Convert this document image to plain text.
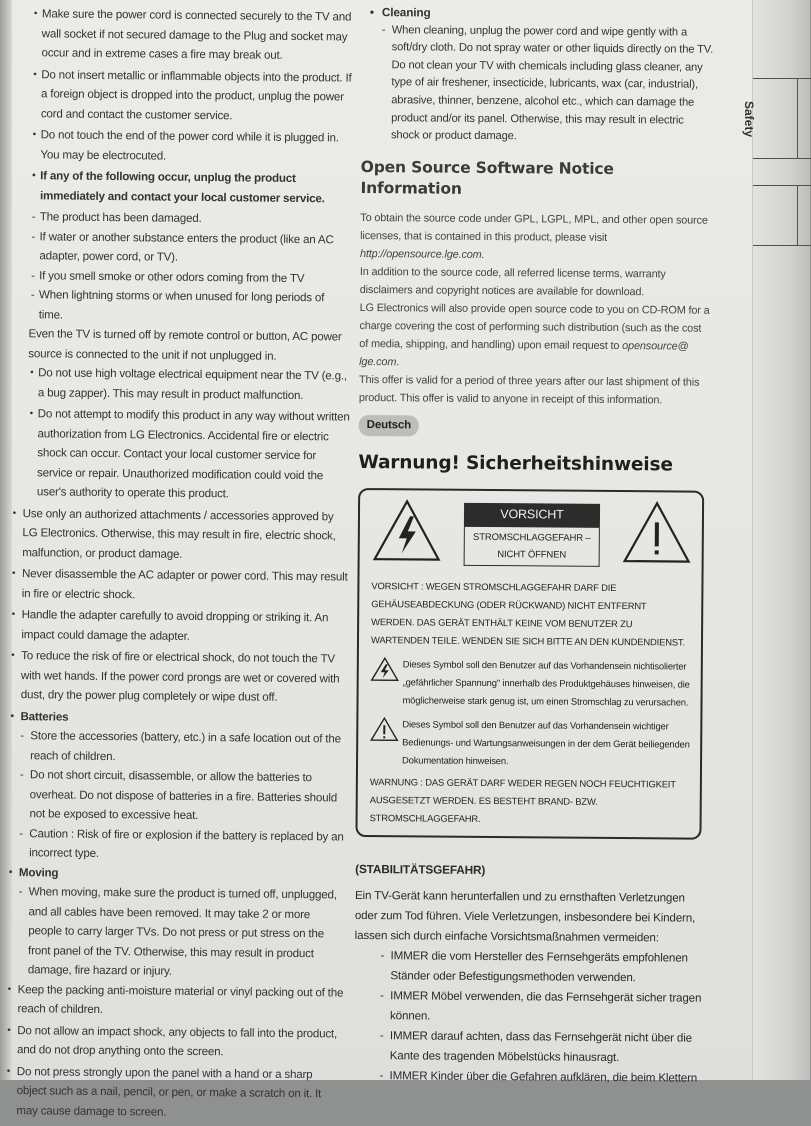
Safety

• Make sure the power cord is connected securely to the TV and wall socket if not secured damage to the Plug and socket may occur and in extreme cases a fire may break out.

• Do not insert metallic or inflammable objects into the product. If a foreign object is dropped into the product, unplug the power cord and contact the customer service.

• Do not touch the end of the power cord while it is plugged in. You may be electrocuted.

• If any of the following occur, unplug the product immediately and contact your local customer service.

- The product has been damaged.

- If water or another substance enters the product (like an AC adapter, power cord, or TV).

- If you smell smoke or other odors coming from the TV

- When lightning storms or when unused for long periods of time.

Even the TV is turned off by remote control or button, AC power source is connected to the unit if not unplugged in.

• Do not use high voltage electrical equipment near the TV (e.g., a bug zapper). This may result in product malfunction.

• Do not attempt to modify this product in any way without written authorization from LG Electronics. Accidental fire or electric shock can occur. Contact your local customer service for service or repair. Unauthorized modification could void the user's authority to operate this product.

• Use only an authorized attachments / accessories approved by LG Electronics. Otherwise, this may result in fire, electric shock, malfunction, or product damage.

• Never disassemble the AC adapter or power cord. This may result in fire or electric shock.

• Handle the adapter carefully to avoid dropping or striking it. An impact could damage the adapter.

• To reduce the risk of fire or electrical shock, do not touch the TV with wet hands. If the power cord prongs are wet or covered with dust, dry the power plug completely or wipe dust off.

• Batteries

- Store the accessories (battery, etc.) in a safe location out of the reach of children.

- Do not short circuit, disassemble, or allow the batteries to overheat. Do not dispose of batteries in a fire. Batteries should not be exposed to excessive heat.

- Caution : Risk of fire or explosion if the battery is replaced by an incorrect type.

• Moving

- When moving, make sure the product is turned off, unplugged, and all cables have been removed. It may take 2 or more people to carry larger TVs. Do not press or put stress on the front panel of the TV. Otherwise, this may result in product damage, fire hazard or injury.

• Keep the packing anti-moisture material or vinyl packing out of the reach of children.

• Do not allow an impact shock, any objects to fall into the product, and do not drop anything onto the screen.

• Do not press strongly upon the panel with a hand or a sharp object such as a nail, pencil, or pen, or make a scratch on it. It may cause damage to screen.

• Cleaning

- When cleaning, unplug the power cord and wipe gently with a soft/dry cloth. Do not spray water or other liquids directly on the TV. Do not clean your TV with chemicals including glass cleaner, any type of air freshener, insecticide, lubricants, wax (car, industrial), abrasive, thinner, benzene, alcohol etc., which can damage the product and/or its panel. Otherwise, this may result in electric shock or product damage.

Open Source Software Notice Information

To obtain the source code under GPL, LGPL, MPL, and other open source licenses, that is contained in this product, please visit http://opensource.lge.com.

In addition to the source code, all referred license terms, warranty disclaimers and copyright notices are available for download.

LG Electronics will also provide open source code to you on CD-ROM for a charge covering the cost of performing such distribution (such as the cost of media, shipping, and handling) upon email request to opensource@ lge.com.

This offer is valid for a period of three years after our last shipment of this product. This offer is valid to anyone in receipt of this information.

Deutsch
Warnung! Sicherheitshinweise
VORSICHT
STROMSCHLAGGEFAHR –
NICHT ÖFFNEN

VORSICHT : WEGEN STROMSCHLAGGEFAHR DARF DIE GEHÄUSEABDECKUNG (ODER RÜCKWAND) NICHT ENTFERNT WERDEN. DAS GERÄT ENTHÄLT KEINE VOM BENUTZER ZU WARTENDEN TEILE. WENDEN SIE SICH BITTE AN DEN KUNDENDIENST.

Dieses Symbol soll den Benutzer auf das Vorhandensein nichtisolierter „gefährlicher Spannung" innerhalb des Produktgehäuses hinweisen, die möglicherweise stark genug ist, um einen Stromschlag zu verursachen.

Dieses Symbol soll den Benutzer auf das Vorhandensein wichtiger Bedienungs- und Wartungsanweisungen in der dem Gerät beiliegenden Dokumentation hinweisen.

WARNUNG : DAS GERÄT DARF WEDER REGEN NOCH FEUCHTIGKEIT AUSGESETZT WERDEN. ES BESTEHT BRAND- BZW. STROMSCHLAGGEFAHR.

(STABILITÄTSGEFAHR)

Ein TV-Gerät kann herunterfallen und zu ernsthaften Verletzungen oder zum Tod führen. Viele Verletzungen, insbesondere bei Kindern, lassen sich durch einfache Vorsichtsmaßnahmen vermeiden:

- IMMER die vom Hersteller des Fernsehgeräts empfohlenen Ständer oder Befestigungsmethoden verwenden.

- IMMER Möbel verwenden, die das Fernsehgerät sicher tragen können.

- IMMER darauf achten, dass das Fernsehgerät nicht über die Kante des tragenden Möbelstücks hinausragt.

- IMMER Kinder über die Gefahren aufklären, die beim Klettern
